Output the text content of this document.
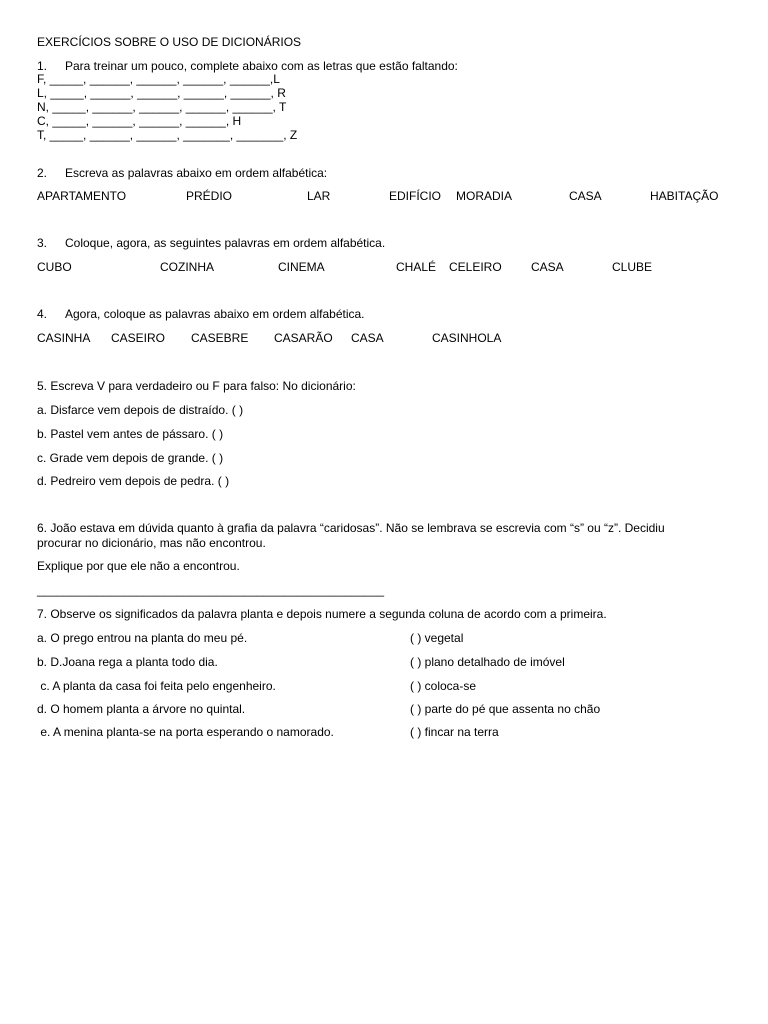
EXERCÍCIOS SOBRE O USO DE DICIONÁRIOS
1. Para treinar um pouco, complete abaixo com as letras que estão faltando:
F, _____, ______, ______, ______, ______,L
L, _____, ______, ______, ______, ______, R
N, _____, ______, ______, ______, ______, T
C, _____, ______, ______, ______, H
T, _____, ______, ______, _______, _______, Z
2. Escreva as palavras abaixo em ordem alfabética:
APARTAMENTO	PRÉDIO	LAR	EDIFÍCIO MORADIA	CASA	HABITAÇÃO
3. Coloque, agora, as seguintes palavras em ordem alfabética.
CUBO	COZINHA	CINEMA	CHALÉ CELEIRO CASA	CLUBE
4. Agora, coloque as palavras abaixo em ordem alfabética.
CASINHA CASEIRO CASEBRE CASARÃO CASA	CASINHOLA
5. Escreva V para verdadeiro ou F para falso: No dicionário:
a. Disfarce vem depois de distraído. ( )
b. Pastel vem antes de pássaro. ( )
c. Grade vem depois de grande. ( )
d. Pedreiro vem depois de pedra. ( )
6. João estava em dúvida quanto à grafia da palavra “caridosas”. Não se lembrava se escrevia com “s” ou “z”. Decidiu
procurar no dicionário, mas não encontrou.
Explique por que ele não a encontrou.
____________________________________________________
7. Observe os significados da palavra planta e depois numere a segunda coluna de acordo com a primeira.
a. O prego entrou na planta do meu pé.	( ) vegetal
b. D.Joana rega a planta todo dia.	( ) plano detalhado de imóvel
c. A planta da casa foi feita pelo engenheiro.	( ) coloca-se
d. O homem planta a árvore no quintal.	( ) parte do pé que assenta no chão
e. A menina planta-se na porta esperando o namorado.	( ) fincar na terra
